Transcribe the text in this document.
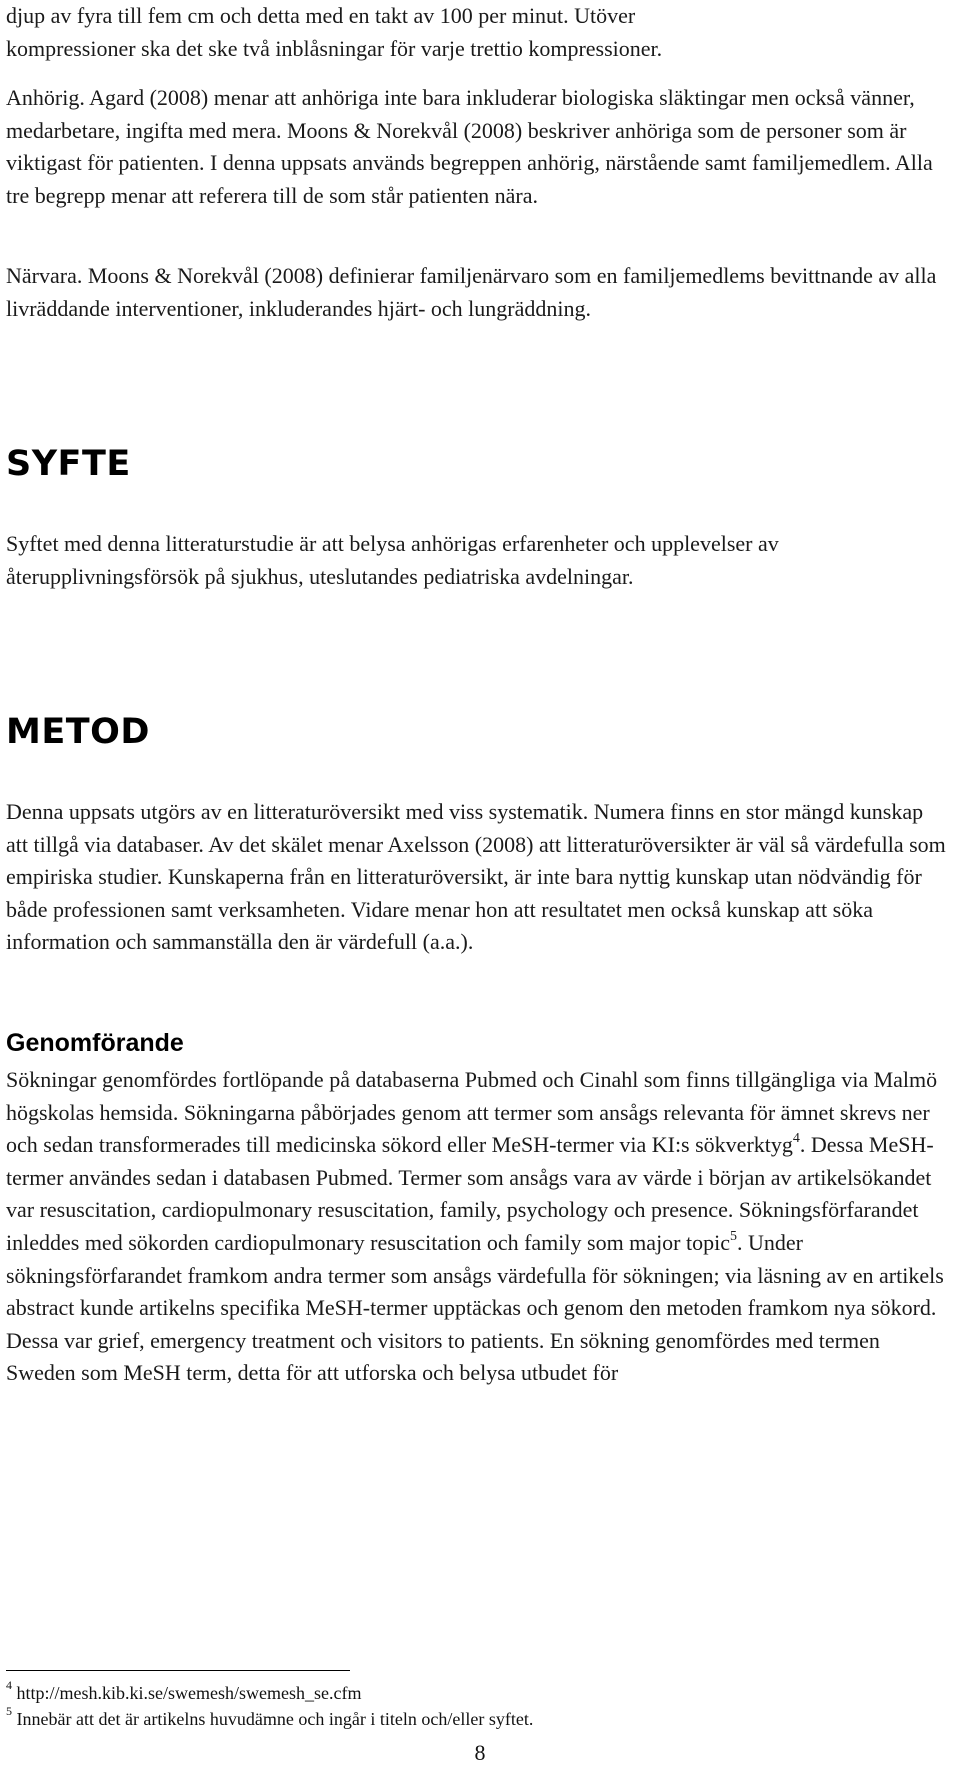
djup av fyra till fem cm och detta med en takt av 100 per minut. Utöver

kompressioner ska det ske två inblåsningar för varje trettio kompressioner.

Anhörig. Agard (2008) menar att anhöriga inte bara inkluderar biologiska släktingar men också vänner, medarbetare, ingifta med mera. Moons & Norekvål (2008) beskriver anhöriga som de personer som är viktigast för patienten. I denna uppsats används begreppen anhörig, närstående samt familjemedlem. Alla tre begrepp menar att referera till de som står patienten nära.

Närvara. Moons & Norekvål (2008) definierar familjenärvaro som en familjemedlems bevittnande av alla livräddande interventioner, inkluderandes hjärt- och lungräddning.

SYFTE

Syftet med denna litteraturstudie är att belysa anhörigas erfarenheter och upplevelser av återupplivningsförsök på sjukhus, uteslutandes pediatriska avdelningar.

METOD

Denna uppsats utgörs av en litteraturöversikt med viss systematik. Numera finns en stor mängd kunskap att tillgå via databaser. Av det skälet menar Axelsson (2008) att litteraturöversikter är väl så värdefulla som empiriska studier. Kunskaperna från en litteraturöversikt, är inte bara nyttig kunskap utan nödvändig för både professionen samt verksamheten. Vidare menar hon att resultatet men också kunskap att söka information och sammanställa den är värdefull (a.a.).

Genomförande

Sökningar genomfördes fortlöpande på databaserna Pubmed och Cinahl som finns tillgängliga via Malmö högskolas hemsida. Sökningarna påbörjades genom att termer som ansågs relevanta för ämnet skrevs ner och sedan transformerades till medicinska sökord eller MeSH-termer via KI:s sökverktyg$^4$. Dessa MeSH-termer användes sedan i databasen Pubmed. Termer som ansågs vara av värde i början av artikelsökandet var resuscitation, cardiopulmonary resuscitation, family, psychology och presence. Sökningsförfarandet inleddes med sökorden cardiopulmonary resuscitation och family som major topic$^5$. Under sökningsförfarandet framkom andra termer som ansågs värdefulla för sökningen; via läsning av en artikels abstract kunde artikelns specifika MeSH-termer upptäckas och genom den metoden framkom nya sökord. Dessa var grief, emergency treatment och visitors to patients. En sökning genomfördes med termen Sweden som MeSH term, detta för att utforska och belysa utbudet för

$^4$ http://mesh.kib.ki.se/swemesh/swemesh_se.cfm

$^5$ Innebär att det är artikelns huvudämne och ingår i titeln och/eller syftet.

8
